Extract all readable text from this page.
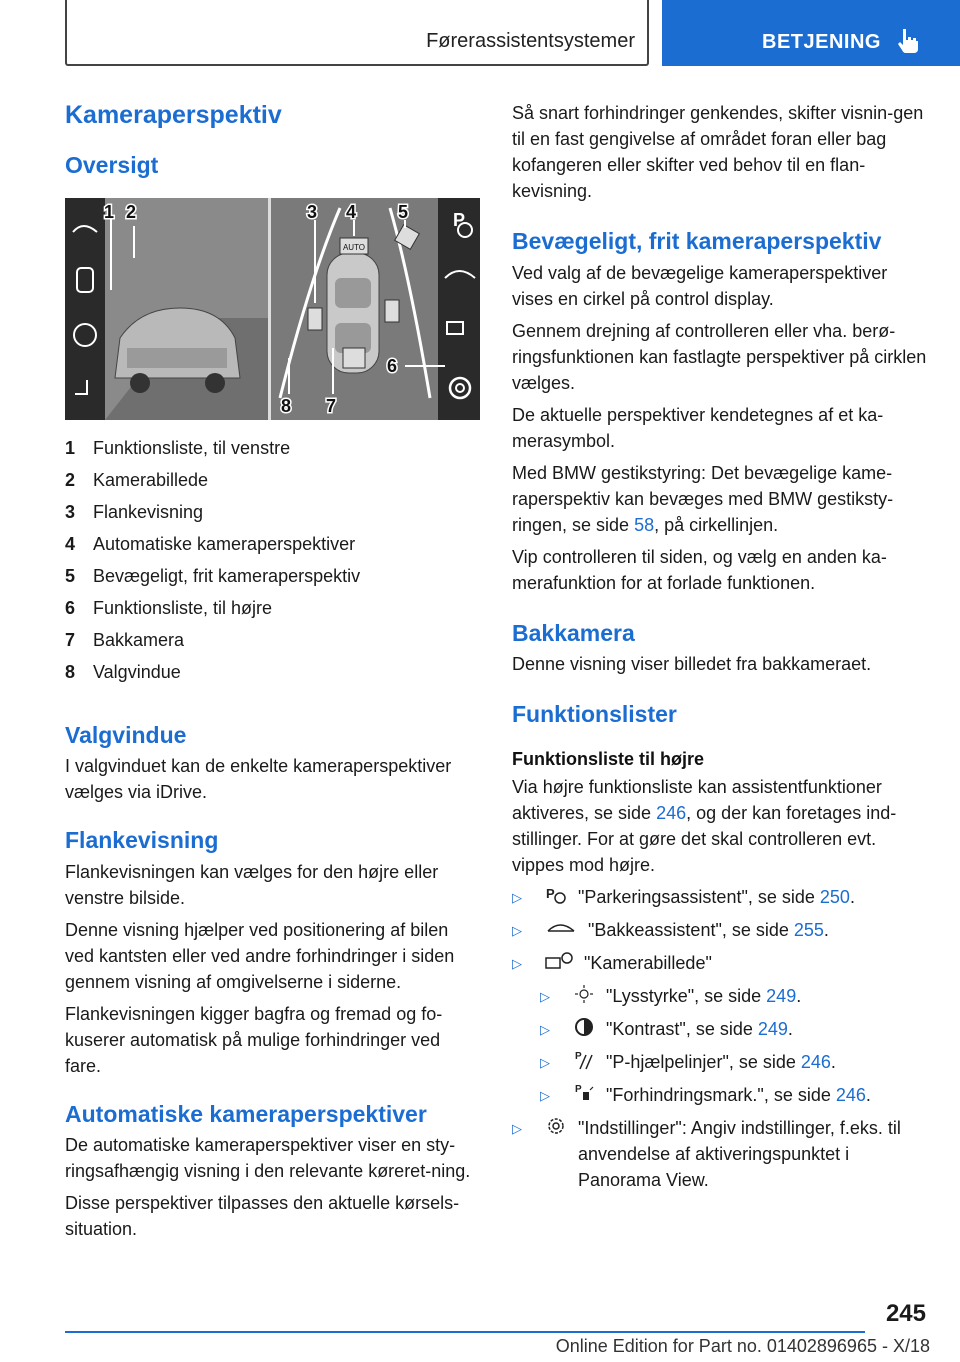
Førerassistentsystemer	BETJENING
Kameraperspektiv
Oversigt
AUTO
P
1 2	3 4 5
6
7
8
1 Funktionsliste, til venstre
2 Kamerabillede
3 Flankevisning
4 Automatiske kameraperspektiver
5 Bevægeligt, frit kameraperspektiv
6 Funktionsliste, til højre
7 Bakkamera
8 Valgvindue
Valgvindue

I valgvinduet kan de enkelte kameraperspektiver vælges via iDrive.

Flankevisning

Flankevisningen kan vælges for den højre eller venstre bilside.

Denne visning hjælper ved positionering af bilen ved kantsten eller ved andre forhindringer i siden gennem visning af omgivelserne i siderne.

Flankevisningen kigger bagfra og fremad og fo-kuserer automatisk på mulige forhindringer ved fare.

Automatiske kameraperspektiver

De automatiske kameraperspektiver viser en sty-ringsafhængig visning i den relevante køreret-ning.

Disse perspektiver tilpasses den aktuelle kørsels-situation.

Så snart forhindringer genkendes, skifter visnin-gen til en fast gengivelse af området foran eller bag kofangeren eller skifter ved behov til en flan-kevisning.

Bevægeligt, frit kameraperspektiv

Ved valg af de bevægelige kameraperspektiver vises en cirkel på control display.

Gennem drejning af controlleren eller vha. berø-ringsfunktionen kan fastlagte perspektiver på cirklen vælges.

De aktuelle perspektiver kendetegnes af et ka-merasymbol.

Med BMW gestikstyring: Det bevægelige kame-raperspektiv kan bevæges med BMW gestiksty-ringen, se side 58, på cirkellinjen.

Vip controlleren til siden, og vælg en anden ka-merafunktion for at forlade funktionen.

Bakkamera

Denne visning viser billedet fra bakkameraet.

Funktionslister
Funktionsliste til højre

Via højre funktionsliste kan assistentfunktioner aktiveres, se side 246, og der kan foretages ind-stillinger. For at gøre det skal controlleren evt. vippes mod højre.

▷	P "Parkeringsassistent", se side 250.
▷	"Bakkeassistent", se side 255.
▷	"Kamerabillede"
▷	"Lysstyrke", se side 249.
▷	"Kontrast", se side 249.
▷	P "P-hjælpelinjer", se side 246.
▷	P "Forhindringsmark.", se side 246.
▷	"Indstillinger": Angiv indstillinger, f.eks. til anvendelse af aktiveringspunktet i Panorama View.
245
Online Edition for Part no. 01402896965 - X/18
